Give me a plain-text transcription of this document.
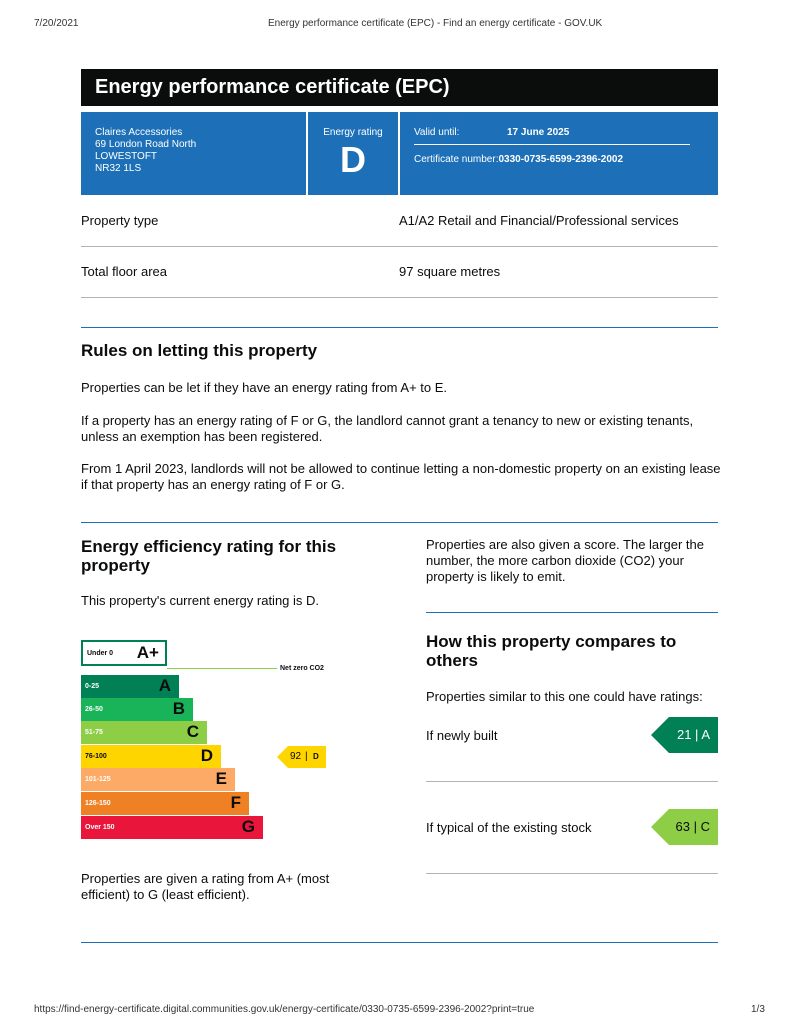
7/20/2021	Energy performance certificate (EPC) - Find an energy certificate - GOV.UK
Energy performance certificate (EPC)
Claires Accessories
69 London Road North
LOWESTOFT
NR32 1LS
Energy rating
D
Valid until:	17 June 2025
Certificate number: 0330-0735-6599-2396-2002
Property type	A1/A2 Retail and Financial/Professional services
Total floor area	97 square metres
Rules on letting this property

Properties can be let if they have an energy rating from A+ to E.

If a property has an energy rating of F or G, the landlord cannot grant a tenancy to new or existing tenants, unless an exemption has been registered.

From 1 April 2023, landlords will not be allowed to continue letting a non-domestic property on an existing lease if that property has an energy rating of F or G.

Energy efficiency rating for this property

This property's current energy rating is D.

Under 0 A+
Net zero CO2
0-25	A
26-50	B
51-75	C
76-100	D
101-125	E
126-150	F
Over 150	G
92 | D

Properties are given a rating from A+ (most efficient) to G (least efficient).

Properties are also given a score. The larger the number, the more carbon dioxide (CO2) your property is likely to emit.

How this property compares to others

Properties similar to this one could have ratings:

If newly built	21 | A
If typical of the existing stock	63 | C
https://find-energy-certificate.digital.communities.gov.uk/energy-certificate/0330-0735-6599-2396-2002?print=true	1/3
